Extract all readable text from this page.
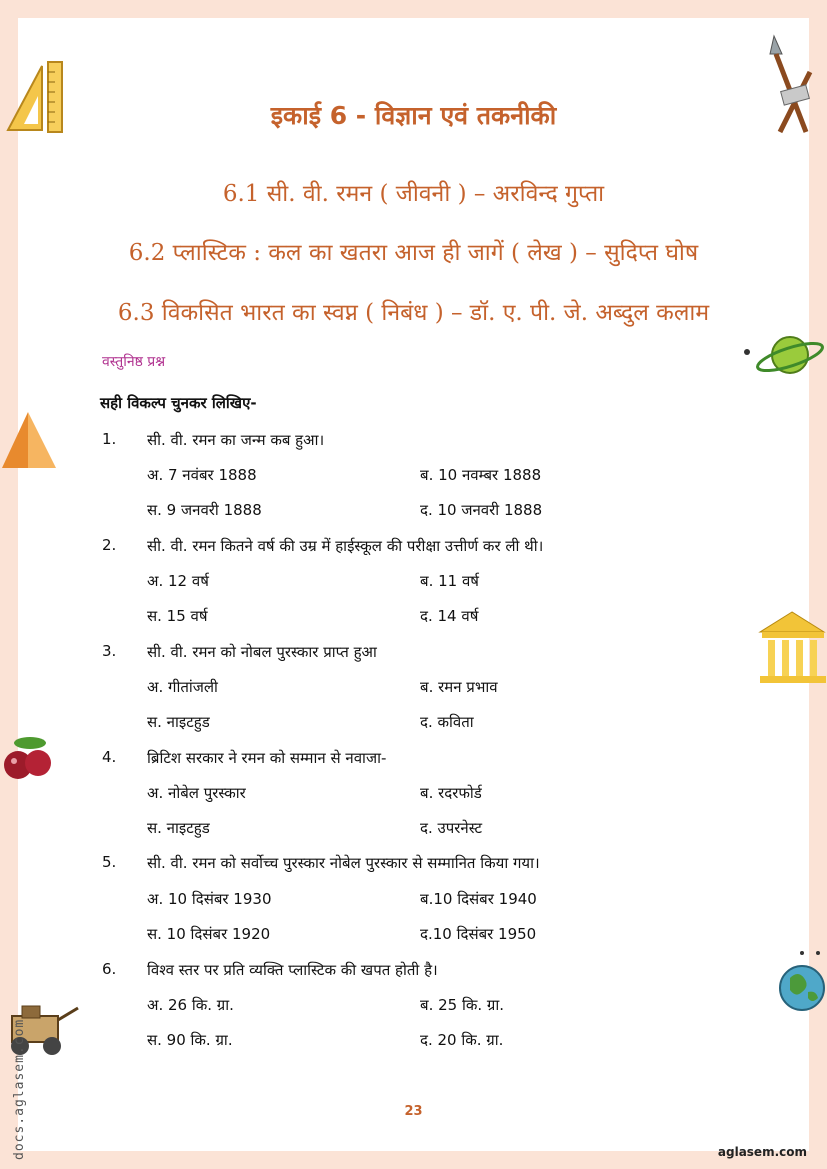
इकाई 6 - विज्ञान एवं तकनीकी
6.1 सी. वी. रमन ( जीवनी ) – अरविन्द गुप्ता
6.2 प्लास्टिक : कल का खतरा आज ही जागें ( लेख ) – सुदिप्त घोष
6.3 विकसित भारत का स्वप्न ( निबंध ) – डॉ. ए. पी. जे. अब्दुल कलाम
वस्तुनिष्ठ प्रश्न
सही विकल्प चुनकर लिखिए-
1. सी. वी. रमन का जन्म कब हुआ।
अ. 7 नवंबर 1888	ब. 10 नवम्बर 1888
स. 9 जनवरी 1888	द. 10 जनवरी 1888
2. सी. वी. रमन कितने वर्ष की उम्र में हाईस्कूल की परीक्षा उत्तीर्ण कर ली थी।
अ. 12 वर्ष	ब. 11 वर्ष
स. 15 वर्ष	द. 14 वर्ष
3. सी. वी. रमन को नोबल पुरस्कार प्राप्त हुआ
अ. गीतांजली	ब. रमन प्रभाव
स. नाइटहुड	द. कविता
4. ब्रिटिश सरकार ने रमन को सम्मान से नवाजा-
अ. नोबेल पुरस्कार	ब. रदरफोर्ड
स. नाइटहुड	द. उपरनेस्ट
5. सी. वी. रमन को सर्वोच्च पुरस्कार नोबेल पुरस्कार से सम्मानित किया गया।
अ. 10 दिसंबर 1930	ब.10 दिसंबर 1940
स. 10 दिसंबर 1920	द.10 दिसंबर 1950
6. विश्व स्तर पर प्रति व्यक्ति प्लास्टिक की खपत होती है।
अ. 26 कि. ग्रा.	ब. 25 कि. ग्रा.
स. 90 कि. ग्रा.	द. 20 कि. ग्रा.
23
aglasem.com
docs.aglasem.com
